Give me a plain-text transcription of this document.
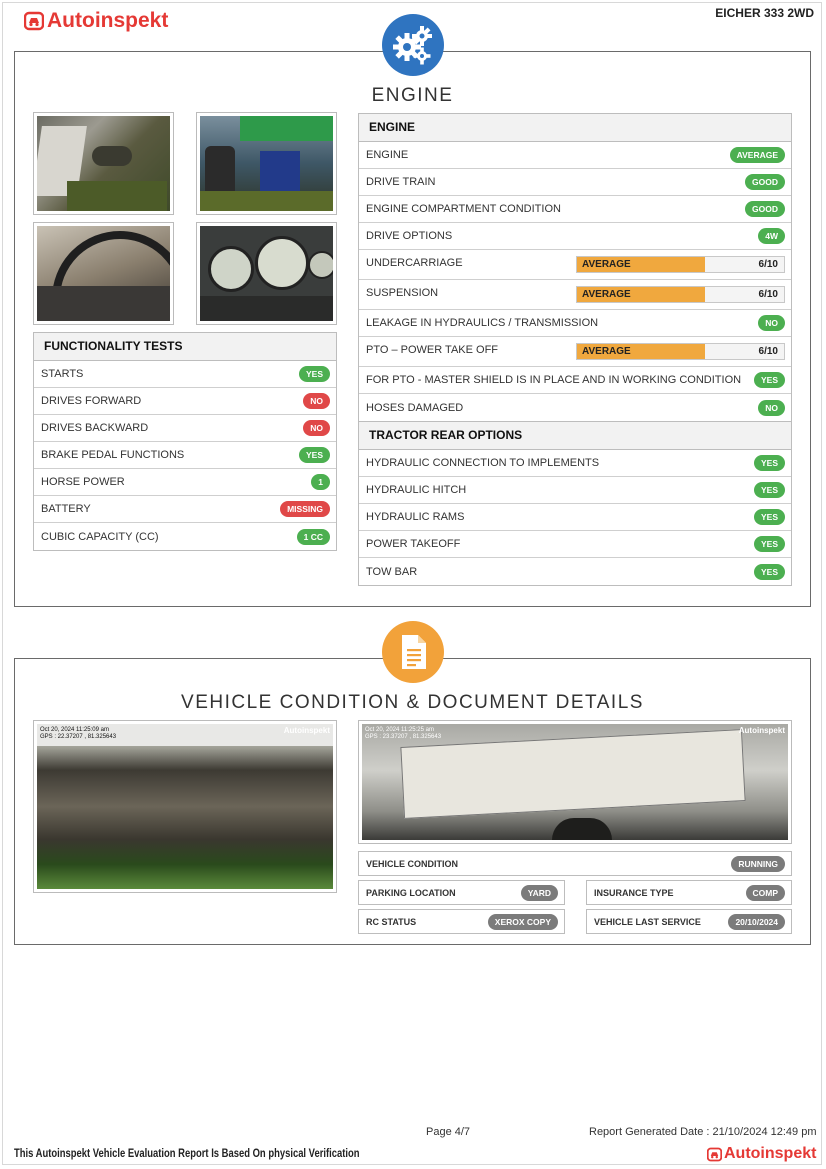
Autoinspekt	EICHER 333 2WD
ENGINE
FUNCTIONALITY TESTS
STARTS	YES
DRIVES FORWARD	NO
DRIVES BACKWARD	NO
BRAKE PEDAL FUNCTIONS	YES
HORSE POWER	1
BATTERY	MISSING
CUBIC CAPACITY (CC)	1 CC
ENGINE
ENGINE	AVERAGE
DRIVE TRAIN	GOOD
ENGINE COMPARTMENT CONDITION	GOOD
DRIVE OPTIONS	4W
UNDERCARRIAGE	AVERAGE	6/10
SUSPENSION	AVERAGE	6/10
LEAKAGE IN HYDRAULICS / TRANSMISSION	NO
PTO – POWER TAKE OFF	AVERAGE	6/10
FOR PTO - MASTER SHIELD IS IN PLACE AND IN WORKING CONDITION	YES
HOSES DAMAGED	NO
TRACTOR REAR OPTIONS
HYDRAULIC CONNECTION TO IMPLEMENTS	YES
HYDRAULIC HITCH	YES
HYDRAULIC RAMS	YES
POWER TAKEOFF	YES
TOW BAR	YES
VEHICLE CONDITION & DOCUMENT DETAILS
Oct 20, 2024 11:25:09 am
GPS : 22.37207 , 81.325643
Autoinspekt	Oct 20, 2024 11:25:25 am
GPS : 23.37207 , 81.325643
Autoinspekt
VEHICLE CONDITION	RUNNING
PARKING LOCATION	YARD	INSURANCE TYPE	COMP
RC STATUS	XEROX COPY	VEHICLE LAST SERVICE	20/10/2024
Page 4/7	Report Generated Date : 21/10/2024 12:49 pm
This Autoinspekt Vehicle Evaluation Report Is Based On physical Verification	Autoinspekt
